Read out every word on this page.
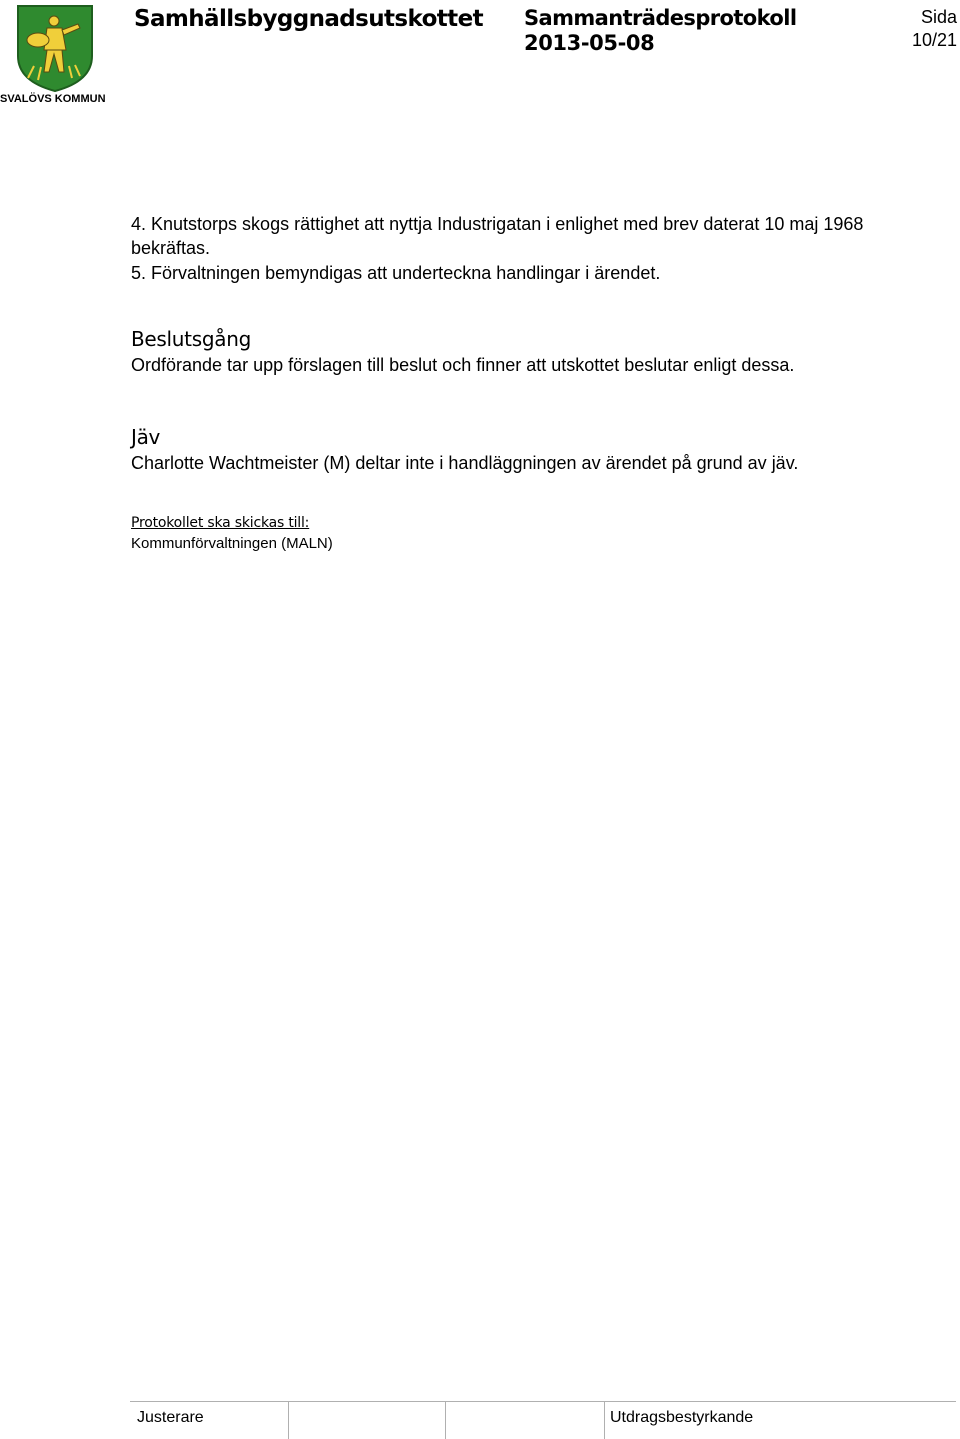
SVALÖVS KOMMUN
Samhällsbyggnadsutskottet Sammanträdesprotokoll
2013-05-08
Sida
10/21
4. Knutstorps skogs rättighet att nyttja Industrigatan i enlighet med brev daterat 10 maj 1968 bekräftas.
5. Förvaltningen bemyndigas att underteckna handlingar i ärendet.
Beslutsgång
Ordförande tar upp förslagen till beslut och finner att utskottet beslutar enligt dessa.
Jäv
Charlotte Wachtmeister (M) deltar inte i handläggningen av ärendet på grund av jäv.
Protokollet ska skickas till:
Kommunförvaltningen (MALN)
Justerare	Utdragsbestyrkande
